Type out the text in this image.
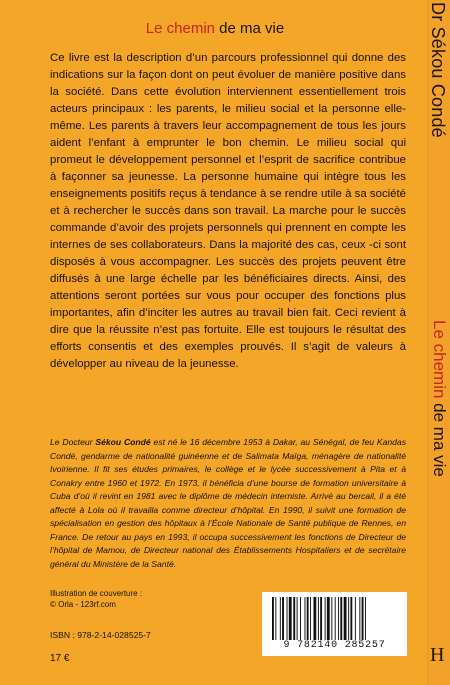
Le chemin de ma vie

Ce livre est la description d’un parcours professionnel qui donne des indications sur la façon dont on peut évoluer de manière positive dans la société. Dans cette évolution interviennent essentiellement trois acteurs principaux : les parents, le milieu social et la personne elle-même. Les parents à travers leur accompagnement de tous les jours aident l’enfant à emprunter le bon chemin. Le milieu social qui promeut le développement personnel et l’esprit de sacrifice contribue à façonner sa jeunesse. La personne humaine qui intègre tous les enseignements positifs reçus à tendance à se rendre utile à sa société et à rechercher le succès dans son travail. La marche pour le succès commande d’avoir des projets personnels qui prennent en compte les internes de ses collaborateurs. Dans la majorité des cas, ceux -ci sont disposés à vous accompagner. Les succès des projets peuvent être diffusés à une large échelle par les bénéficiaires directs. Ainsi, des attentions seront portées sur vous pour occuper des fonctions plus importantes, afin d’inciter les autres au travail bien fait. Ceci revient à dire que la réussite n’est pas fortuite. Elle est toujours le résultat des efforts consentis et des exemples prouvés. Il s’agit de valeurs à développer au niveau de la jeunesse.

Le Docteur Sékou Condé est né le 16 décembre 1953 à Dakar, au Sénégal, de feu Kandas Condé, gendarme de nationalité guinéenne et de Salimata Maïga, ménagère de nationalité Ivoirienne. Il fit ses études primaires, le collège et le lycée successivement à Pita et à Conakry entre 1960 et 1972. En 1973, il bénéficia d’une bourse de formation universitaire à Cuba d’où il revint en 1981 avec le diplôme de médecin interniste. Arrivé au bercail, il a été affecté à Lola où il travailla comme directeur d’hôpital. En 1990, il suivit une formation de spécialisation en gestion des hôpitaux à l’École Nationale de Santé publique de Rennes, en France. De retour au pays en 1993, il occupa successivement les fonctions de Directeur de l’hôpital de Mamou, de Directeur national des Établissements Hospitaliers et de secrétaire général du Ministère de la Santé.

Illustration de couverture :
© Orla - 123rf.com
ISBN : 978-2-14-028525-7
17 €
9 782140 285257
Dr Sékou Condé
Le chemin de ma vie
H
